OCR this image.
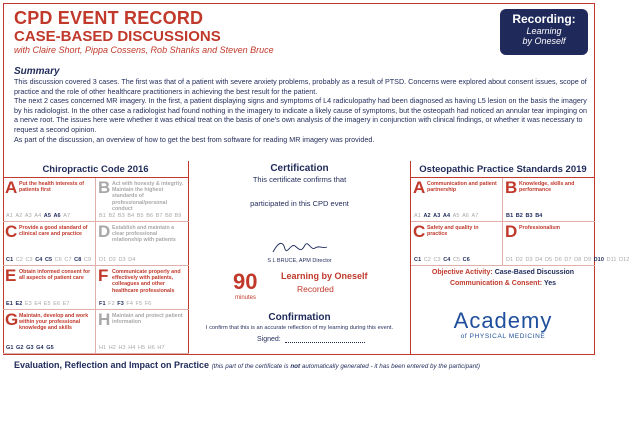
CPD EVENT RECORD
CASE-BASED DISCUSSIONS
with Claire Short, Pippa Cossens, Rob Shanks and Steven Bruce
Recording:
Learning
by Oneself
Summary

This discussion covered 3 cases. The first was that of a patient with severe anxiety problems, probably as a result of PTSD. Concerns were explored about consent issues, scope of practice and the role of other healthcare practitioners in achieving the best result for the patient.

The next 2 cases concerned MR imagery. In the first, a patient displaying signs and symptoms of L4 radiculopathy had been diagnosed as having L5 lesion on the basis the imagery by his radiologist. In the other case a radiologist had found nothing in the imagery to indicate a likely cause of symptoms, but the osteopath had noticed an annular tear impinging on a nerve root. The issues here were whether it was ethical treat on the basis of one's own analysis of the imagery in conjunction with clinical findings, or whether it was necessary to request a second opinion.

As part of the discussion, an overview of how to get the best from software for reading MR imagery was provided.

Chiropractic Code 2016
A Put the health interests of patients first
A1 A2 A3 A4 A5 A6 A7
B Act with honesty & integrity. Maintain the highest standards of professional/personal conduct
B1 B2 B3 B4 B5 B6 B7 B8 B9
C Provide a good standard of clinical care and practice
C1 C2 C3 C4 C5 C6 C7 C8 C9
D Establish and maintain a clear professional relationship with patients
D1 D2 D3 D4
E Obtain informed consent for all aspects of patient care
E1 E2 E3 E4 E5 E6 E7
F Communicate properly and effectively with patients, colleagues and other healthcare professionals
F1 F2 F3 F4 F5 F6
G Maintain, develop and work within your professional knowledge and skills
G1 G2 G3 G4 G5
H Maintain and protect patient information
H1 H2 H3 H4 H5 H6 H7
Certification
This certificate confirms that
participated in this CPD event
S L BRUCE, APM Director
90
minutes
Learning by Oneself
Recorded
Confirmation
I confirm that this is an accurate reflection of my learning during this event.
Signed:
Osteopathic Practice Standards 2019
A Communication and patient partnership
A1 A2 A3 A4 A5 A6 A7
B Knowledge, skills and performance
B1 B2 B3 B4
C Safety and quality in practice
C1 C2 C3 C4 C5 C6
D Professionalism
D1 D2 D3 D4 D5 D6 D7 D8 D9 D10 D11 D12
Objective Activity: Case-Based Discussion
Communication & Consent: Yes
Academy
of PHYSICAL MEDICINE
Evaluation, Reflection and Impact on Practice (this part of the certificate is not automatically generated - it has been entered by the participant)
